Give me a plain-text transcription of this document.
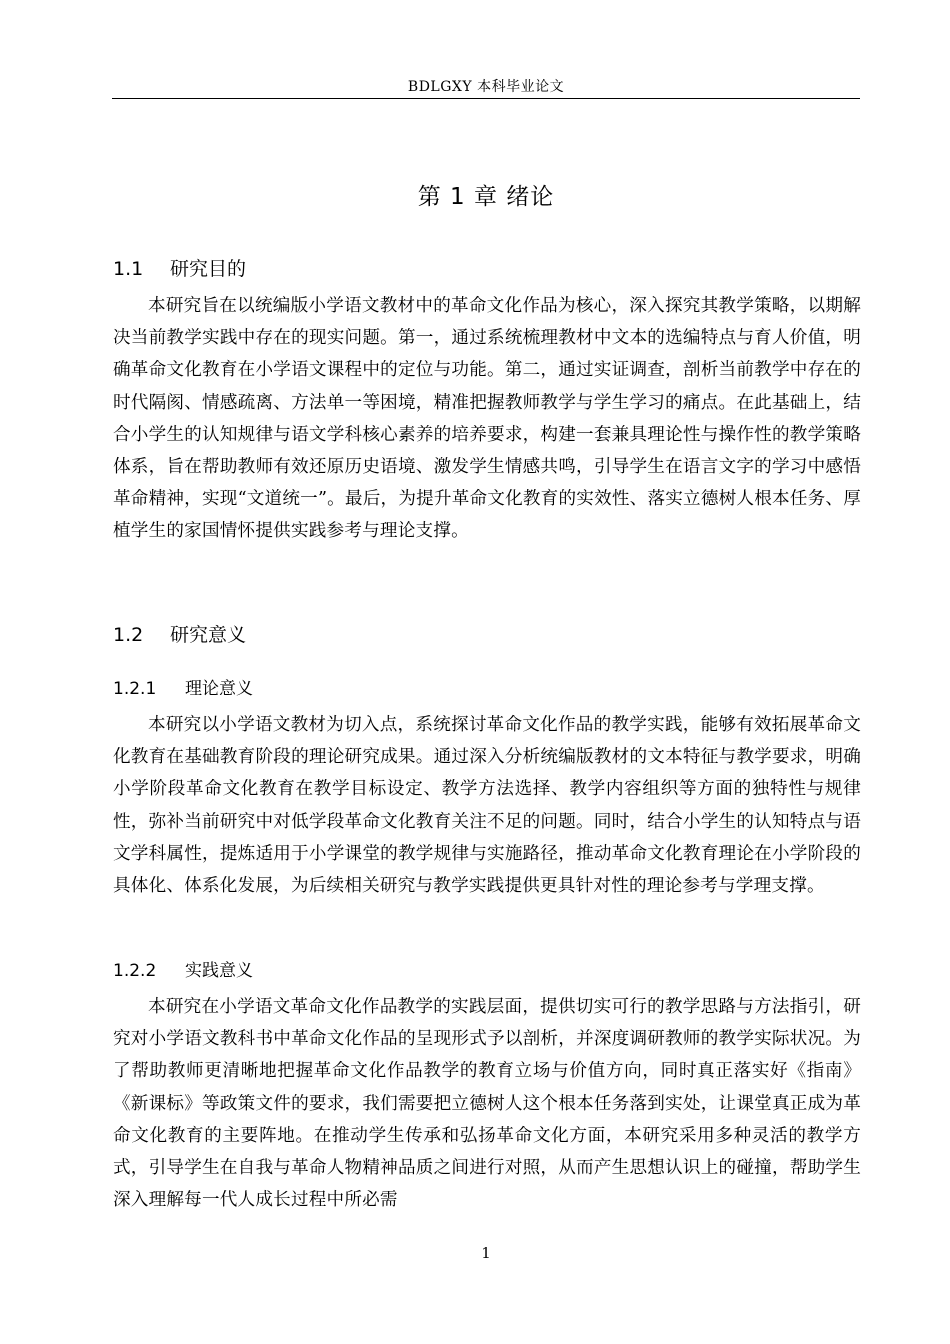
BDLGXY 本科毕业论文
第 1 章 绪论
1.1 研究目的
本研究旨在以统编版小学语文教材中的革命文化作品为核心，深入探究其教学策略，以期解决当前教学实践中存在的现实问题。第一，通过系统梳理教材中文本的选编特点与育人价值，明确革命文化教育在小学语文课程中的定位与功能。第二，通过实证调查，剖析当前教学中存在的时代隔阂、情感疏离、方法单一等困境，精准把握教师教学与学生学习的痛点。在此基础上，结合小学生的认知规律与语文学科核心素养的培养要求，构建一套兼具理论性与操作性的教学策略体系，旨在帮助教师有效还原历史语境、激发学生情感共鸣，引导学生在语言文字的学习中感悟革命精神，实现“文道统一”。最后，为提升革命文化教育的实效性、落实立德树人根本任务、厚植学生的家国情怀提供实践参考与理论支撑。
1.2 研究意义
1.2.1 理论意义
本研究以小学语文教材为切入点，系统探讨革命文化作品的教学实践，能够有效拓展革命文化教育在基础教育阶段的理论研究成果。通过深入分析统编版教材的文本特征与教学要求，明确小学阶段革命文化教育在教学目标设定、教学方法选择、教学内容组织等方面的独特性与规律性，弥补当前研究中对低学段革命文化教育关注不足的问题。同时，结合小学生的认知特点与语文学科属性，提炼适用于小学课堂的教学规律与实施路径，推动革命文化教育理论在小学阶段的具体化、体系化发展，为后续相关研究与教学实践提供更具针对性的理论参考与学理支撑。
1.2.2 实践意义
本研究在小学语文革命文化作品教学的实践层面，提供切实可行的教学思路与方法指引，研究对小学语文教科书中革命文化作品的呈现形式予以剖析，并深度调研教师的教学实际状况。为了帮助教师更清晰地把握革命文化作品教学的教育立场与价值方向，同时真正落实好《指南》《新课标》等政策文件的要求，我们需要把立德树人这个根本任务落到实处，让课堂真正成为革命文化教育的主要阵地。在推动学生传承和弘扬革命文化方面，本研究采用多种灵活的教学方式，引导学生在自我与革命人物精神品质之间进行对照，从而产生思想认识上的碰撞，帮助学生深入理解每一代人成长过程中所必需
1
